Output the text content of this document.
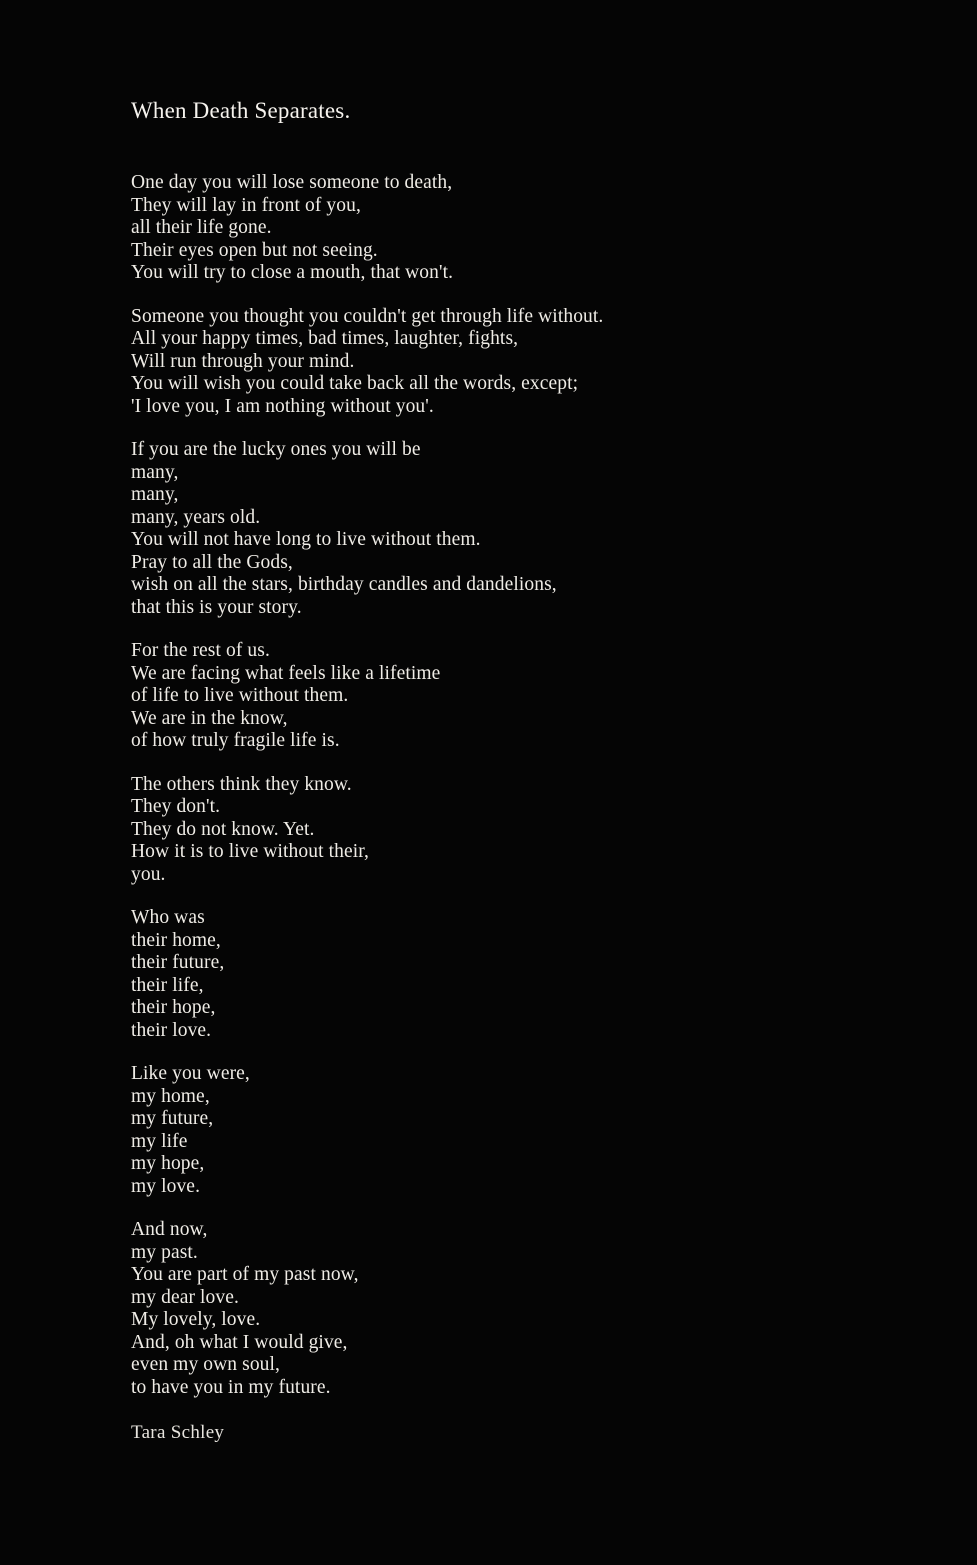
When Death Separates.
One day you will lose someone to death,
They will lay in front of you,
all their life gone.
Their eyes open but not seeing.
You will try to close a mouth, that won't.
Someone you thought you couldn't get through life without.
All your happy times, bad times, laughter, fights,
Will run through your mind.
You will wish you could take back all the words, except;
'I love you, I am nothing without you'.
If you are the lucky ones you will be
many,
many,
many, years old.
You will not have long to live without them.
Pray to all the Gods,
wish on all the stars, birthday candles and dandelions,
that this is your story.
For the rest of us.
We are facing what feels like a lifetime
of life to live without them.
We are in the know,
of how truly fragile life is.
The others think they know.
They don't.
They do not know. Yet.
How it is to live without their,
you.
Who was
their home,
their future,
their life,
their hope,
their love.
Like you were,
my home,
my future,
my life
my hope,
my love.
And now,
my past.
You are part of my past now,
my dear love.
My lovely, love.
And, oh what I would give,
even my own soul,
to have you in my future.
Tara Schley
